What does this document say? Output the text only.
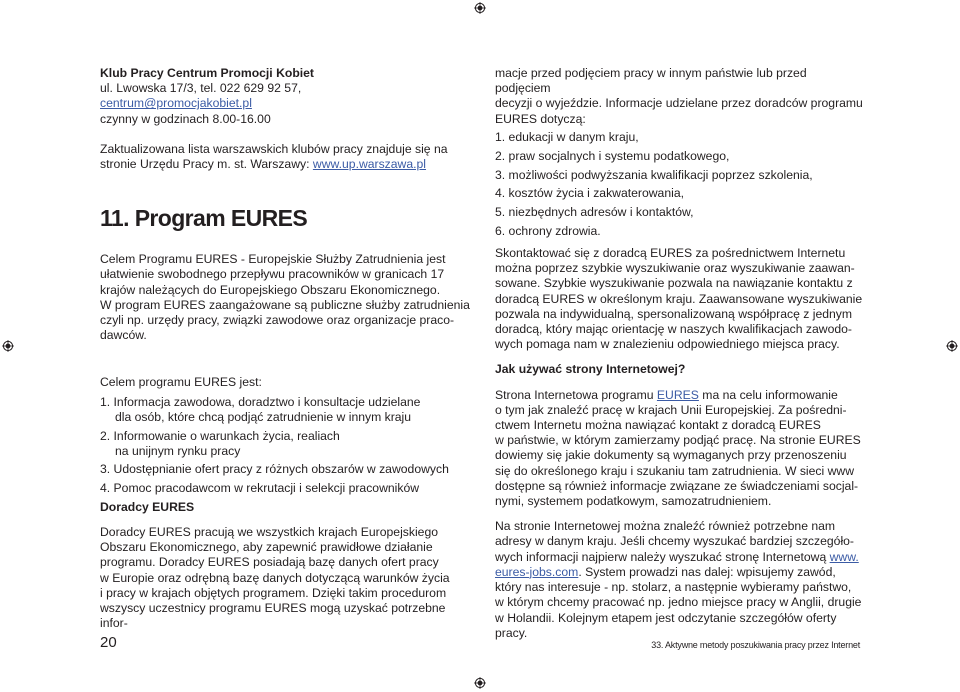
Klub Pracy Centrum Promocji Kobiet

ul. Lwowska 17/3, tel. 022 629 92 57,

centrum@promocjakobiet.pl

czynny w godzinach 8.00-16.00

Zaktualizowana lista warszawskich klubów pracy znajduje się na

stronie Urzędu Pracy m. st. Warszawy: www.up.warszawa.pl

11. Program EURES

Celem Programu EURES - Europejskie Służby Zatrudnienia jest

ułatwienie swobodnego przepływu pracowników w granicach 17

krajów należących do Europejskiego Obszaru Ekonomicznego.

W program EURES zaangażowane są publiczne służby zatrudnienia

czyli np. urzędy pracy, związki zawodowe oraz organizacje praco-

dawców.

Celem programu EURES jest:

1. Informacja zawodowa, doradztwo i konsultacje udzielane

dla osób, które chcą podjąć zatrudnienie w innym kraju

2. Informowanie o warunkach życia, realiach

na unijnym rynku pracy

3. Udostępnianie ofert pracy z różnych obszarów w zawodowych

4. Pomoc pracodawcom w rekrutacji i selekcji pracowników

Doradcy EURES

Doradcy EURES pracują we wszystkich krajach Europejskiego

Obszaru Ekonomicznego, aby zapewnić prawidłowe działanie

programu. Doradcy EURES posiadają bazę danych ofert pracy

w Europie oraz odrębną bazę danych dotyczącą warunków życia

i pracy w krajach objętych programem. Dzięki takim procedurom

wszyscy uczestnicy programu EURES mogą uzyskać potrzebne infor-

macje przed podjęciem pracy w innym państwie lub przed podjęciem

decyzji o wyjeździe. Informacje udzielane przez doradców programu

EURES dotyczą:

1. edukacji w danym kraju,

2. praw socjalnych i systemu podatkowego,

3. możliwości podwyższania kwalifikacji poprzez szkolenia,

4. kosztów życia i zakwaterowania,

5. niezbędnych adresów i kontaktów,

6. ochrony zdrowia.

Skontaktować się z doradcą EURES za pośrednictwem Internetu

można poprzez szybkie wyszukiwanie oraz wyszukiwanie zaawan-

sowane. Szybkie wyszukiwanie pozwala na nawiązanie kontaktu z

doradcą EURES w określonym kraju. Zaawansowane wyszukiwanie

pozwala na indywidualną, spersonalizowaną współpracę z jednym

doradcą, który mając orientację w naszych kwalifikacjach zawodo-

wych pomaga nam w znalezieniu odpowiedniego miejsca pracy.

Jak używać strony Internetowej?

Strona Internetowa programu EURES ma na celu informowanie

o tym jak znaleźć pracę w krajach Unii Europejskiej. Za pośredni-

ctwem Internetu można nawiązać kontakt z doradcą EURES

w państwie, w którym zamierzamy podjąć pracę. Na stronie EURES

dowiemy się jakie dokumenty są wymaganych przy przenoszeniu

się do określonego kraju i szukaniu tam zatrudnienia. W sieci www

dostępne są również informacje związane ze świadczeniami socjal-

nymi, systemem podatkowym, samozatrudnieniem.

Na stronie Internetowej można znaleźć również potrzebne nam

adresy w danym kraju. Jeśli chcemy wyszukać bardziej szczegóło-

wych informacji najpierw należy wyszukać stronę Internetową www.

eures-jobs.com. System prowadzi nas dalej: wpisujemy zawód,

który nas interesuje - np. stolarz, a następnie wybieramy państwo,

w którym chcemy pracować np. jedno miejsce pracy w Anglii, drugie

w Holandii. Kolejnym etapem jest odczytanie szczegółów oferty

pracy.

20	33. Aktywne metody poszukiwania pracy przez Internet
